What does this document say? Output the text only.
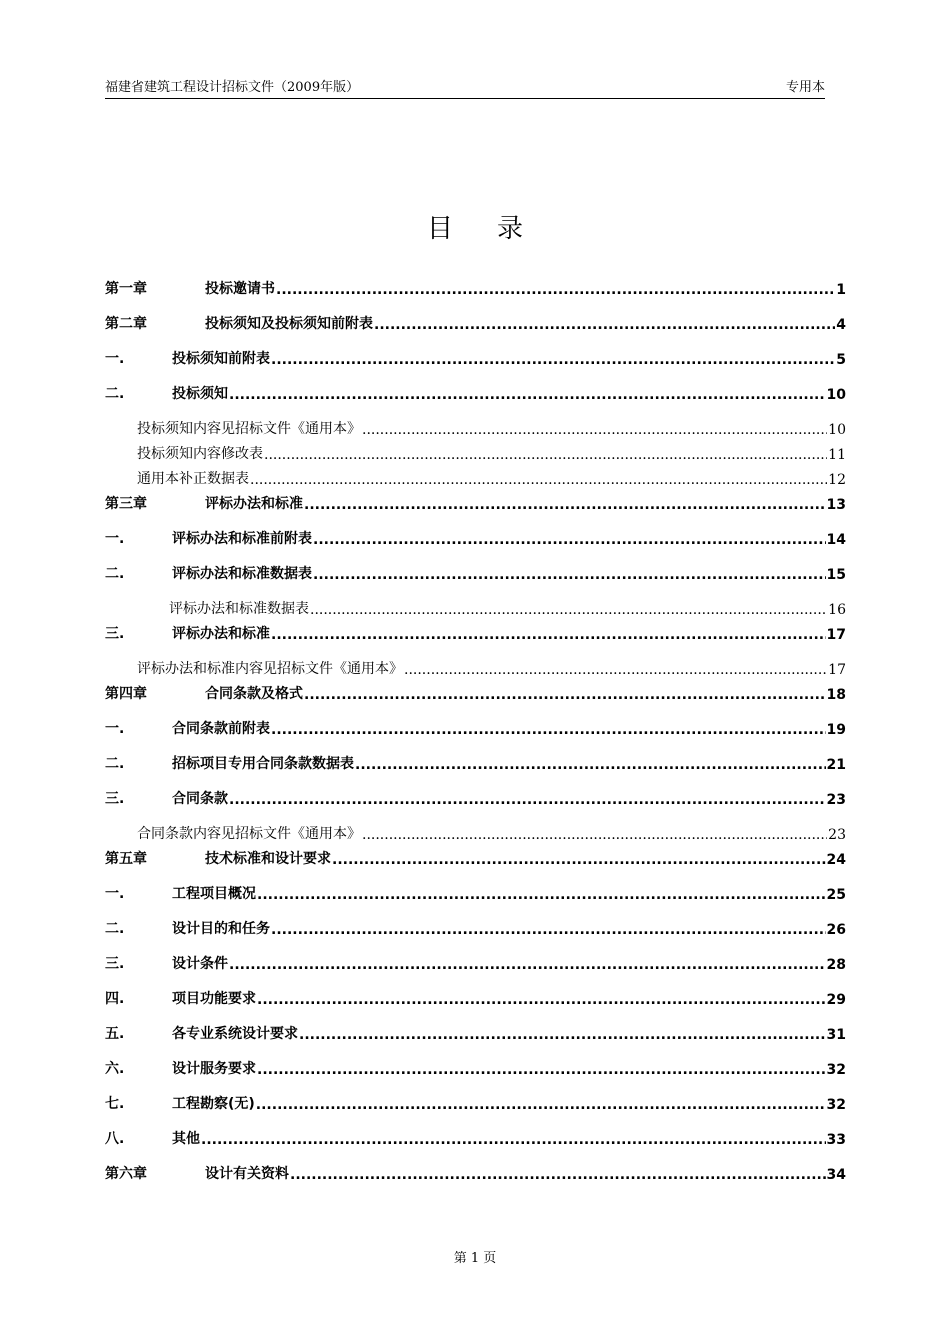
福建省建筑工程设计招标文件（2009年版）	专用本
目录
第一章	投标邀请书 .....	1
第二章	投标须知及投标须知前附表 .....	4
一.	投标须知前附表 .....	5
二.	投标须知 .....	10
投标须知内容见招标文件《通用本》 .....	10
投标须知内容修改表 .....	11
通用本补正数据表 .....	12
第三章	评标办法和标准 .....	13
一.	评标办法和标准前附表 .....	14
二.	评标办法和标准数据表 .....	15
评标办法和标准数据表 .....	16
三.	评标办法和标准 .....	17
评标办法和标准内容见招标文件《通用本》 .....	17
第四章	合同条款及格式 .....	18
一.	合同条款前附表 .....	19
二.	招标项目专用合同条款数据表 .....	21
三.	合同条款 .....	23
合同条款内容见招标文件《通用本》 .....	23
第五章	技术标准和设计要求 .....	24
一.	工程项目概况 .....	25
二.	设计目的和任务 .....	26
三.	设计条件 .....	28
四.	项目功能要求 .....	29
五.	各专业系统设计要求 .....	31
六.	设计服务要求 .....	32
七.	工程勘察(无) .....	32
八.	其他 .....	33
第六章	设计有关资料 .....	34
第 1 页
